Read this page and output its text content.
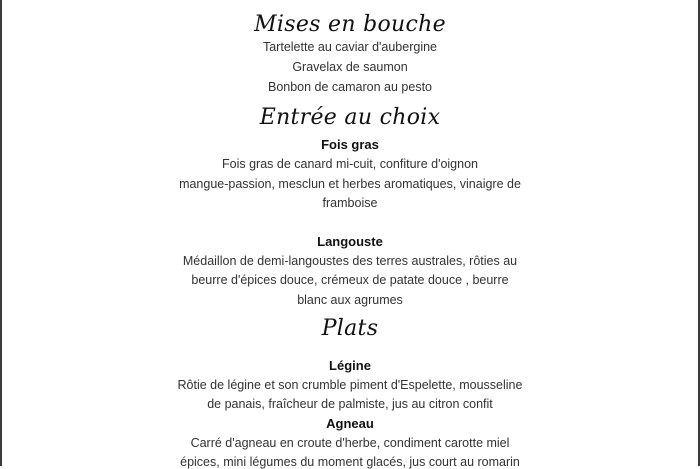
Mises en bouche
Tartelette au caviar d'aubergine
Gravelax de saumon
Bonbon de camaron au pesto
Entrée au choix
Fois gras
Fois gras de canard mi-cuit, confiture d'oignon
mangue-passion, mesclun et herbes aromatiques, vinaigre de
framboise
Langouste
Médaillon de demi-langoustes des terres australes, rôties au
beurre d'épices douce, crémeux de patate douce , beurre
blanc aux agrumes
Plats
Légine
Rôtie de légine et son crumble piment d'Espelette, mousseline
de panais, fraîcheur de palmiste, jus au citron confit
Agneau
Carré d'agneau en croute d'herbe, condiment carotte miel
épices, mini légumes du moment glacés, jus court au romarin
